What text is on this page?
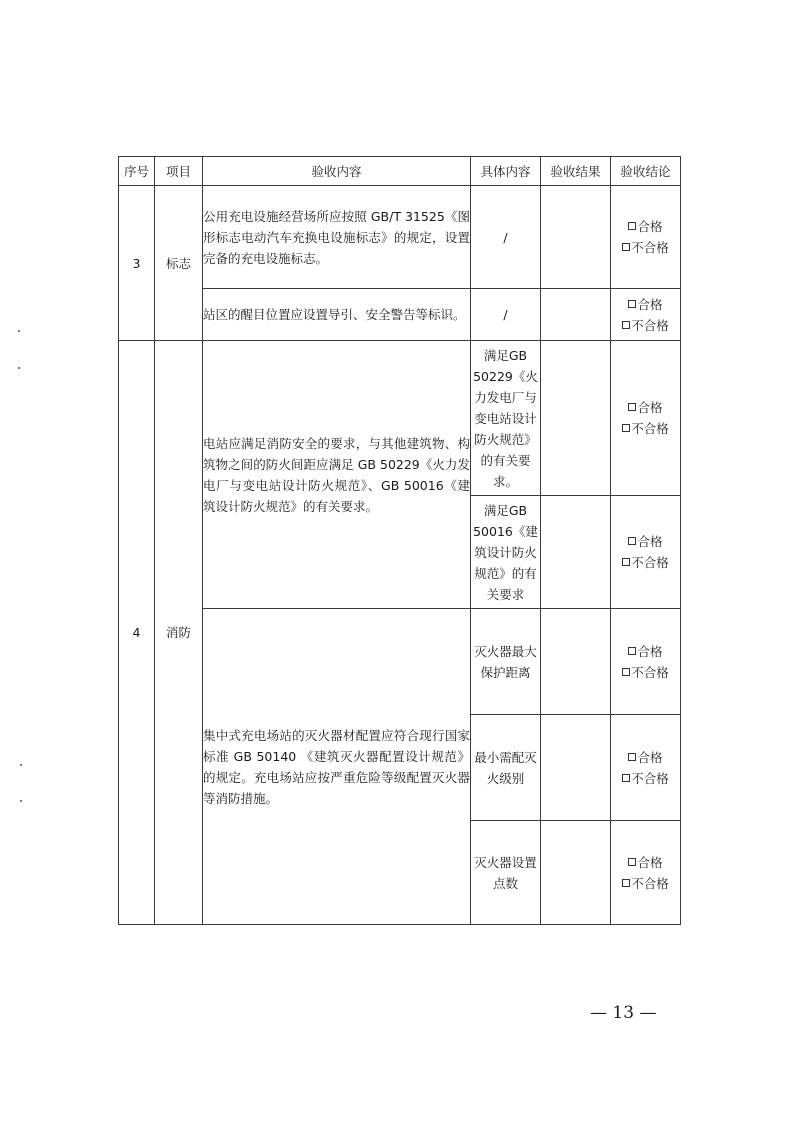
序号	项目	验收内容	具体内容	验收结果	验收结论
3	标志	公用充电设施经营场所应按照 GB/T 31525《图形标志电动汽车充换电设施标志》的规定，设置完备的充电设施标志。	/		合格
不合格

		站区的醒目位置应设置导引、安全警告等标识。	/		合格
不合格

4	消防	电站应满足消防安全的要求，与其他建筑物、构筑物之间的防火间距应满足 GB 50229《火力发电厂与变电站设计防火规范》、GB 50016《建筑设计防火规范》的有关要求。	满足GB 50229《火力发电厂与变电站设计防火规范》的有关要求。		合格
不合格

			满足GB 50016《建筑设计防火规范》的有关要求		合格
不合格

		集中式充电场站的灭火器材配置应符合现行国家标准 GB 50140 《建筑灭火器配置设计规范》的规定。充电场站应按严重危险等级配置灭火器等消防措施。	灭火器最大保护距离		合格
不合格

			最小需配灭火级别		合格
不合格

			灭火器设置点数		合格
不合格
— 13 —
